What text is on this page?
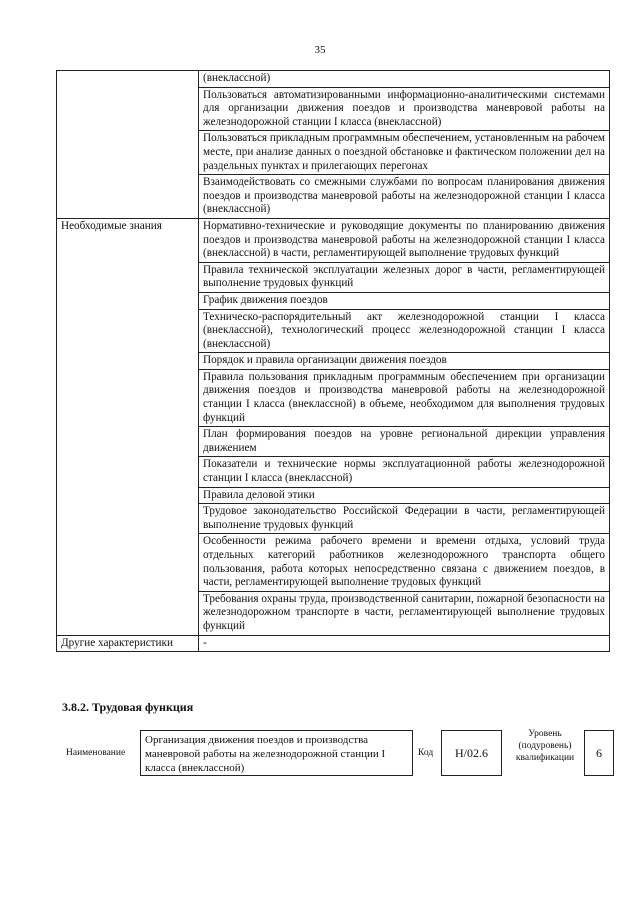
35
	(внеклассной)
	Пользоваться автоматизированными информационно-аналитическими системами для организации движения поездов и производства маневровой работы на железнодорожной станции I класса (внеклассной)
	Пользоваться прикладным программным обеспечением, установленным на рабочем месте, при анализе данных о поездной обстановке и фактическом положении дел на раздельных пунктах и прилегающих перегонах
	Взаимодействовать со смежными службами по вопросам планирования движения поездов и производства маневровой работы на железнодорожной станции I класса (внеклассной)
Необходимые знания	Нормативно-технические и руководящие документы по планированию движения поездов и производства маневровой работы на железнодорожной станции I класса (внеклассной) в части, регламентирующей выполнение трудовых функций
	Правила технической эксплуатации железных дорог в части, регламентирующей выполнение трудовых функций
	График движения поездов
	Техническо-распорядительный акт железнодорожной станции I класса (внеклассной), технологический процесс железнодорожной станции I класса (внеклассной)
	Порядок и правила организации движения поездов
	Правила пользования прикладным программным обеспечением при организации движения поездов и производства маневровой работы на железнодорожной станции I класса (внеклассной) в объеме, необходимом для выполнения трудовых функций
	План формирования поездов на уровне региональной дирекции управления движением
	Показатели и технические нормы эксплуатационной работы железнодорожной станции I класса (внеклассной)
	Правила деловой этики
	Трудовое законодательство Российской Федерации в части, регламентирующей выполнение трудовых функций
	Особенности режима рабочего времени и времени отдыха, условий труда отдельных категорий работников железнодорожного транспорта общего пользования, работа которых непосредственно связана с движением поездов, в части, регламентирующей выполнение трудовых функций
	Требования охраны труда, производственной санитарии, пожарной безопасности на железнодорожном транспорте в части, регламентирующей выполнение трудовых функций
Другие характеристики	-
3.8.2. Трудовая функция
Наименование
Организация движения поездов и производства маневровой работы на железнодорожной станции I класса (внеклассной)
Код	Н/02.6
Уровень (подуровень) квалификации	6
